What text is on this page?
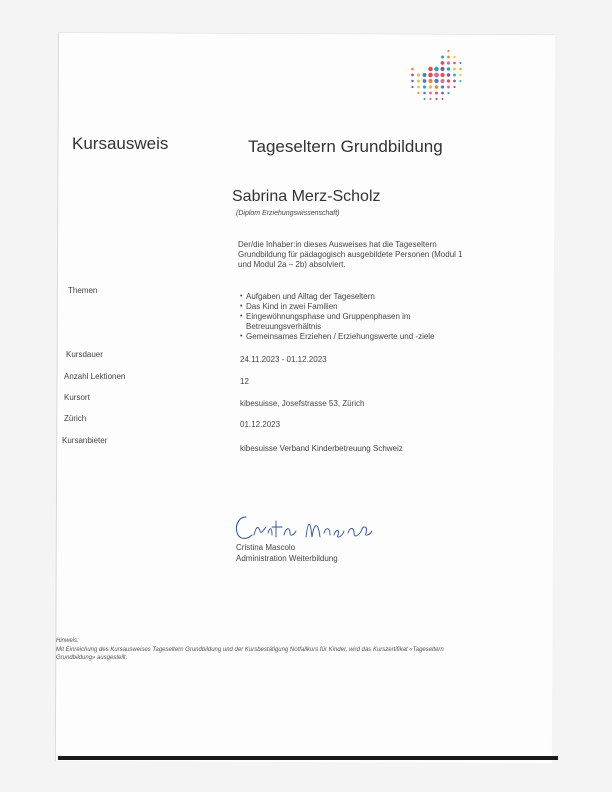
Kursausweis	Tageseltern Grundbildung
Sabrina Merz-Scholz
(Diplom Erziehungswissenschaft)
Der/die Inhaber:in dieses Ausweises hat die Tageseltern Grundbildung für pädagogisch ausgebildete Personen (Modul 1 und Modul 2a – 2b) absolviert.
Themen
• Aufgaben und Alltag der Tageseltern
• Das Kind in zwei Familien
• Eingewöhnungsphase und Gruppenphasen im Betreuungsverhältnis
• Gemeinsames Erziehen / Erziehungswerte und -ziele
Kursdauer
24.11.2023 - 01.12.2023
Anzahl Lektionen
12
Kursort
kibesuisse, Josefstrasse 53, Zürich
Zürich
01.12.2023
Kursanbieter
kibesuisse Verband Kinderbetreuung Schweiz
Cristina Mascolo
Administration Weiterbildung
Hinweis:
Mit Einreichung des Kursausweises Tageseltern Grundbildung und der Kursbestätigung Notfallkurs für Kinder, wird das Kurszertifikat «Tageseltern Grundbildung» ausgestellt.
